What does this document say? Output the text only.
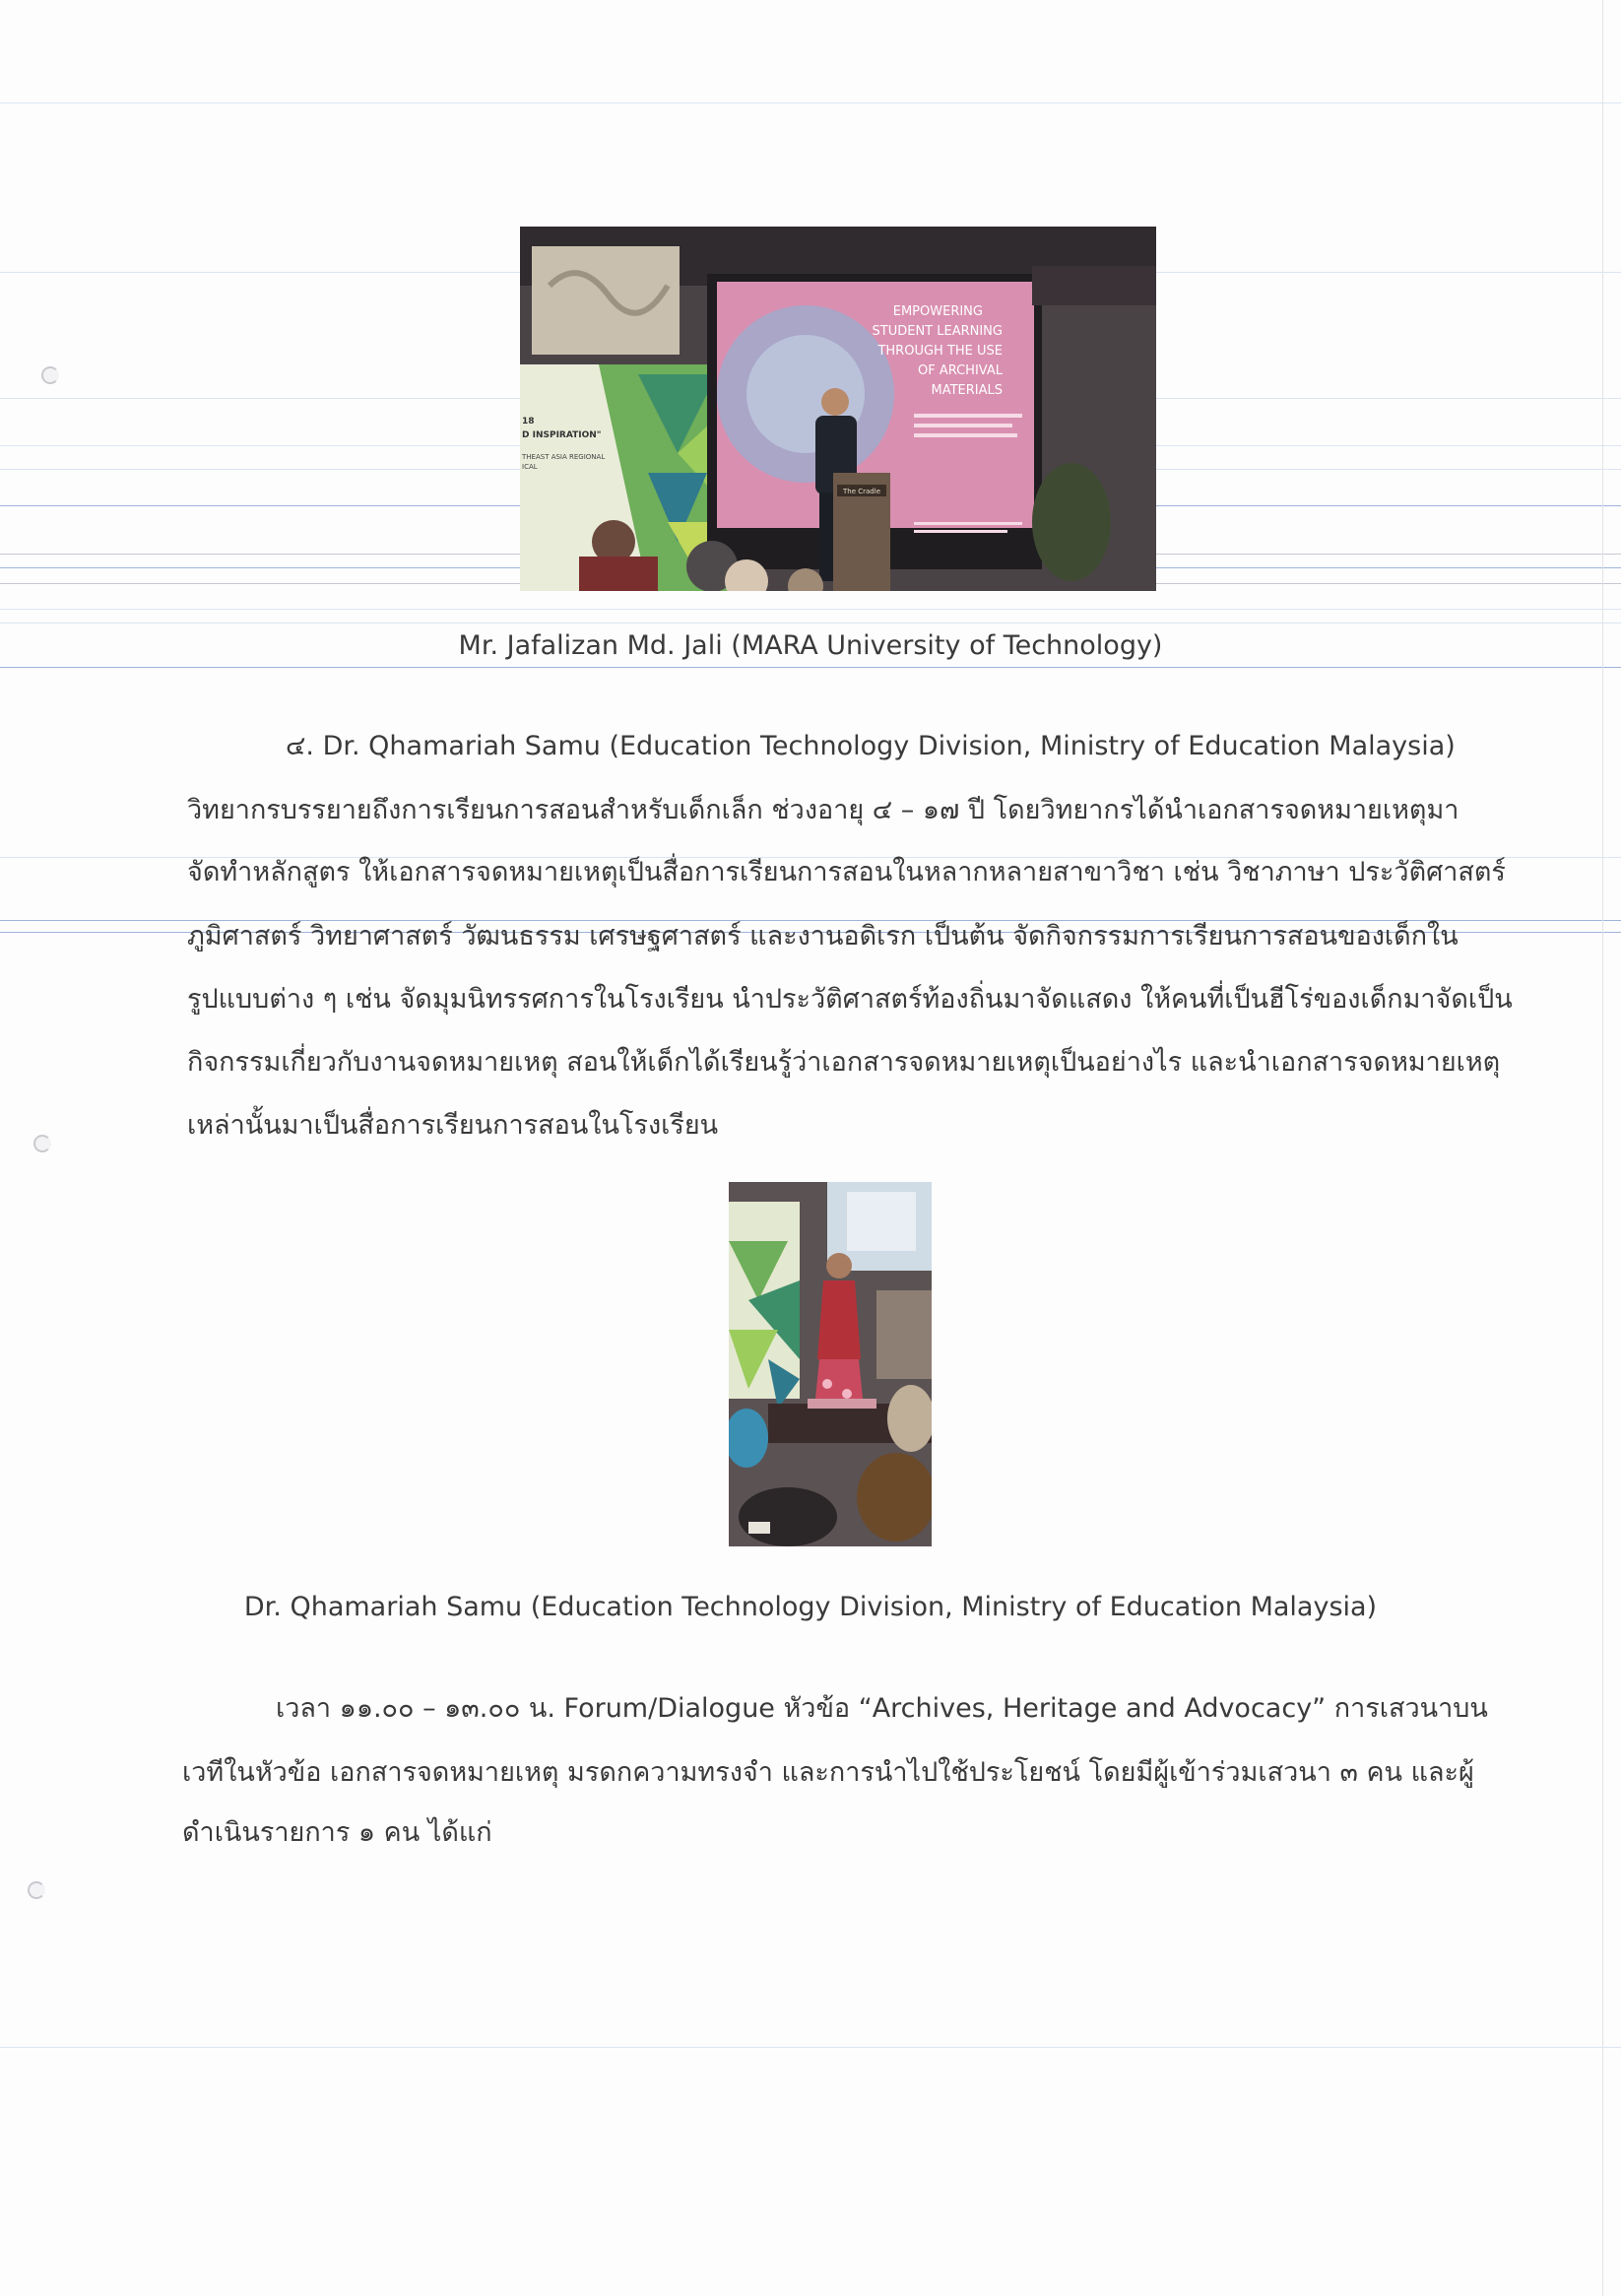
18
D INSPIRATION"
THEAST ASIA REGIONAL
ICAL
EMPOWERING
STUDENT LEARNING
THROUGH THE USE
OF ARCHIVAL
MATERIALS
The Cradle
Mr. Jafalizan Md. Jali (MARA University of Technology)
๔. Dr. Qhamariah Samu (Education Technology Division, Ministry of Education Malaysia)
วิทยากรบรรยายถึงการเรียนการสอนสำหรับเด็กเล็ก ช่วงอายุ ๔ – ๑๗ ปี โดยวิทยากรได้นำเอกสารจดหมายเหตุมา
จัดทำหลักสูตร ให้เอกสารจดหมายเหตุเป็นสื่อการเรียนการสอนในหลากหลายสาขาวิชา เช่น วิชาภาษา ประวัติศาสตร์
ภูมิศาสตร์ วิทยาศาสตร์ วัฒนธรรม เศรษฐศาสตร์ และงานอดิเรก เป็นต้น จัดกิจกรรมการเรียนการสอนของเด็กใน
รูปแบบต่าง ๆ เช่น จัดมุมนิทรรศการในโรงเรียน นำประวัติศาสตร์ท้องถิ่นมาจัดแสดง ให้คนที่เป็นฮีโร่ของเด็กมาจัดเป็น
กิจกรรมเกี่ยวกับงานจดหมายเหตุ สอนให้เด็กได้เรียนรู้ว่าเอกสารจดหมายเหตุเป็นอย่างไร และนำเอกสารจดหมายเหตุ
เหล่านั้นมาเป็นสื่อการเรียนการสอนในโรงเรียน
Dr. Qhamariah Samu (Education Technology Division, Ministry of Education Malaysia)
เวลา ๑๑.๐๐ – ๑๓.๐๐ น. Forum/Dialogue หัวข้อ “Archives, Heritage and Advocacy” การเสวนาบน
เวทีในหัวข้อ เอกสารจดหมายเหตุ มรดกความทรงจำ และการนำไปใช้ประโยชน์ โดยมีผู้เข้าร่วมเสวนา ๓ คน และผู้
ดำเนินรายการ ๑ คน ได้แก่
